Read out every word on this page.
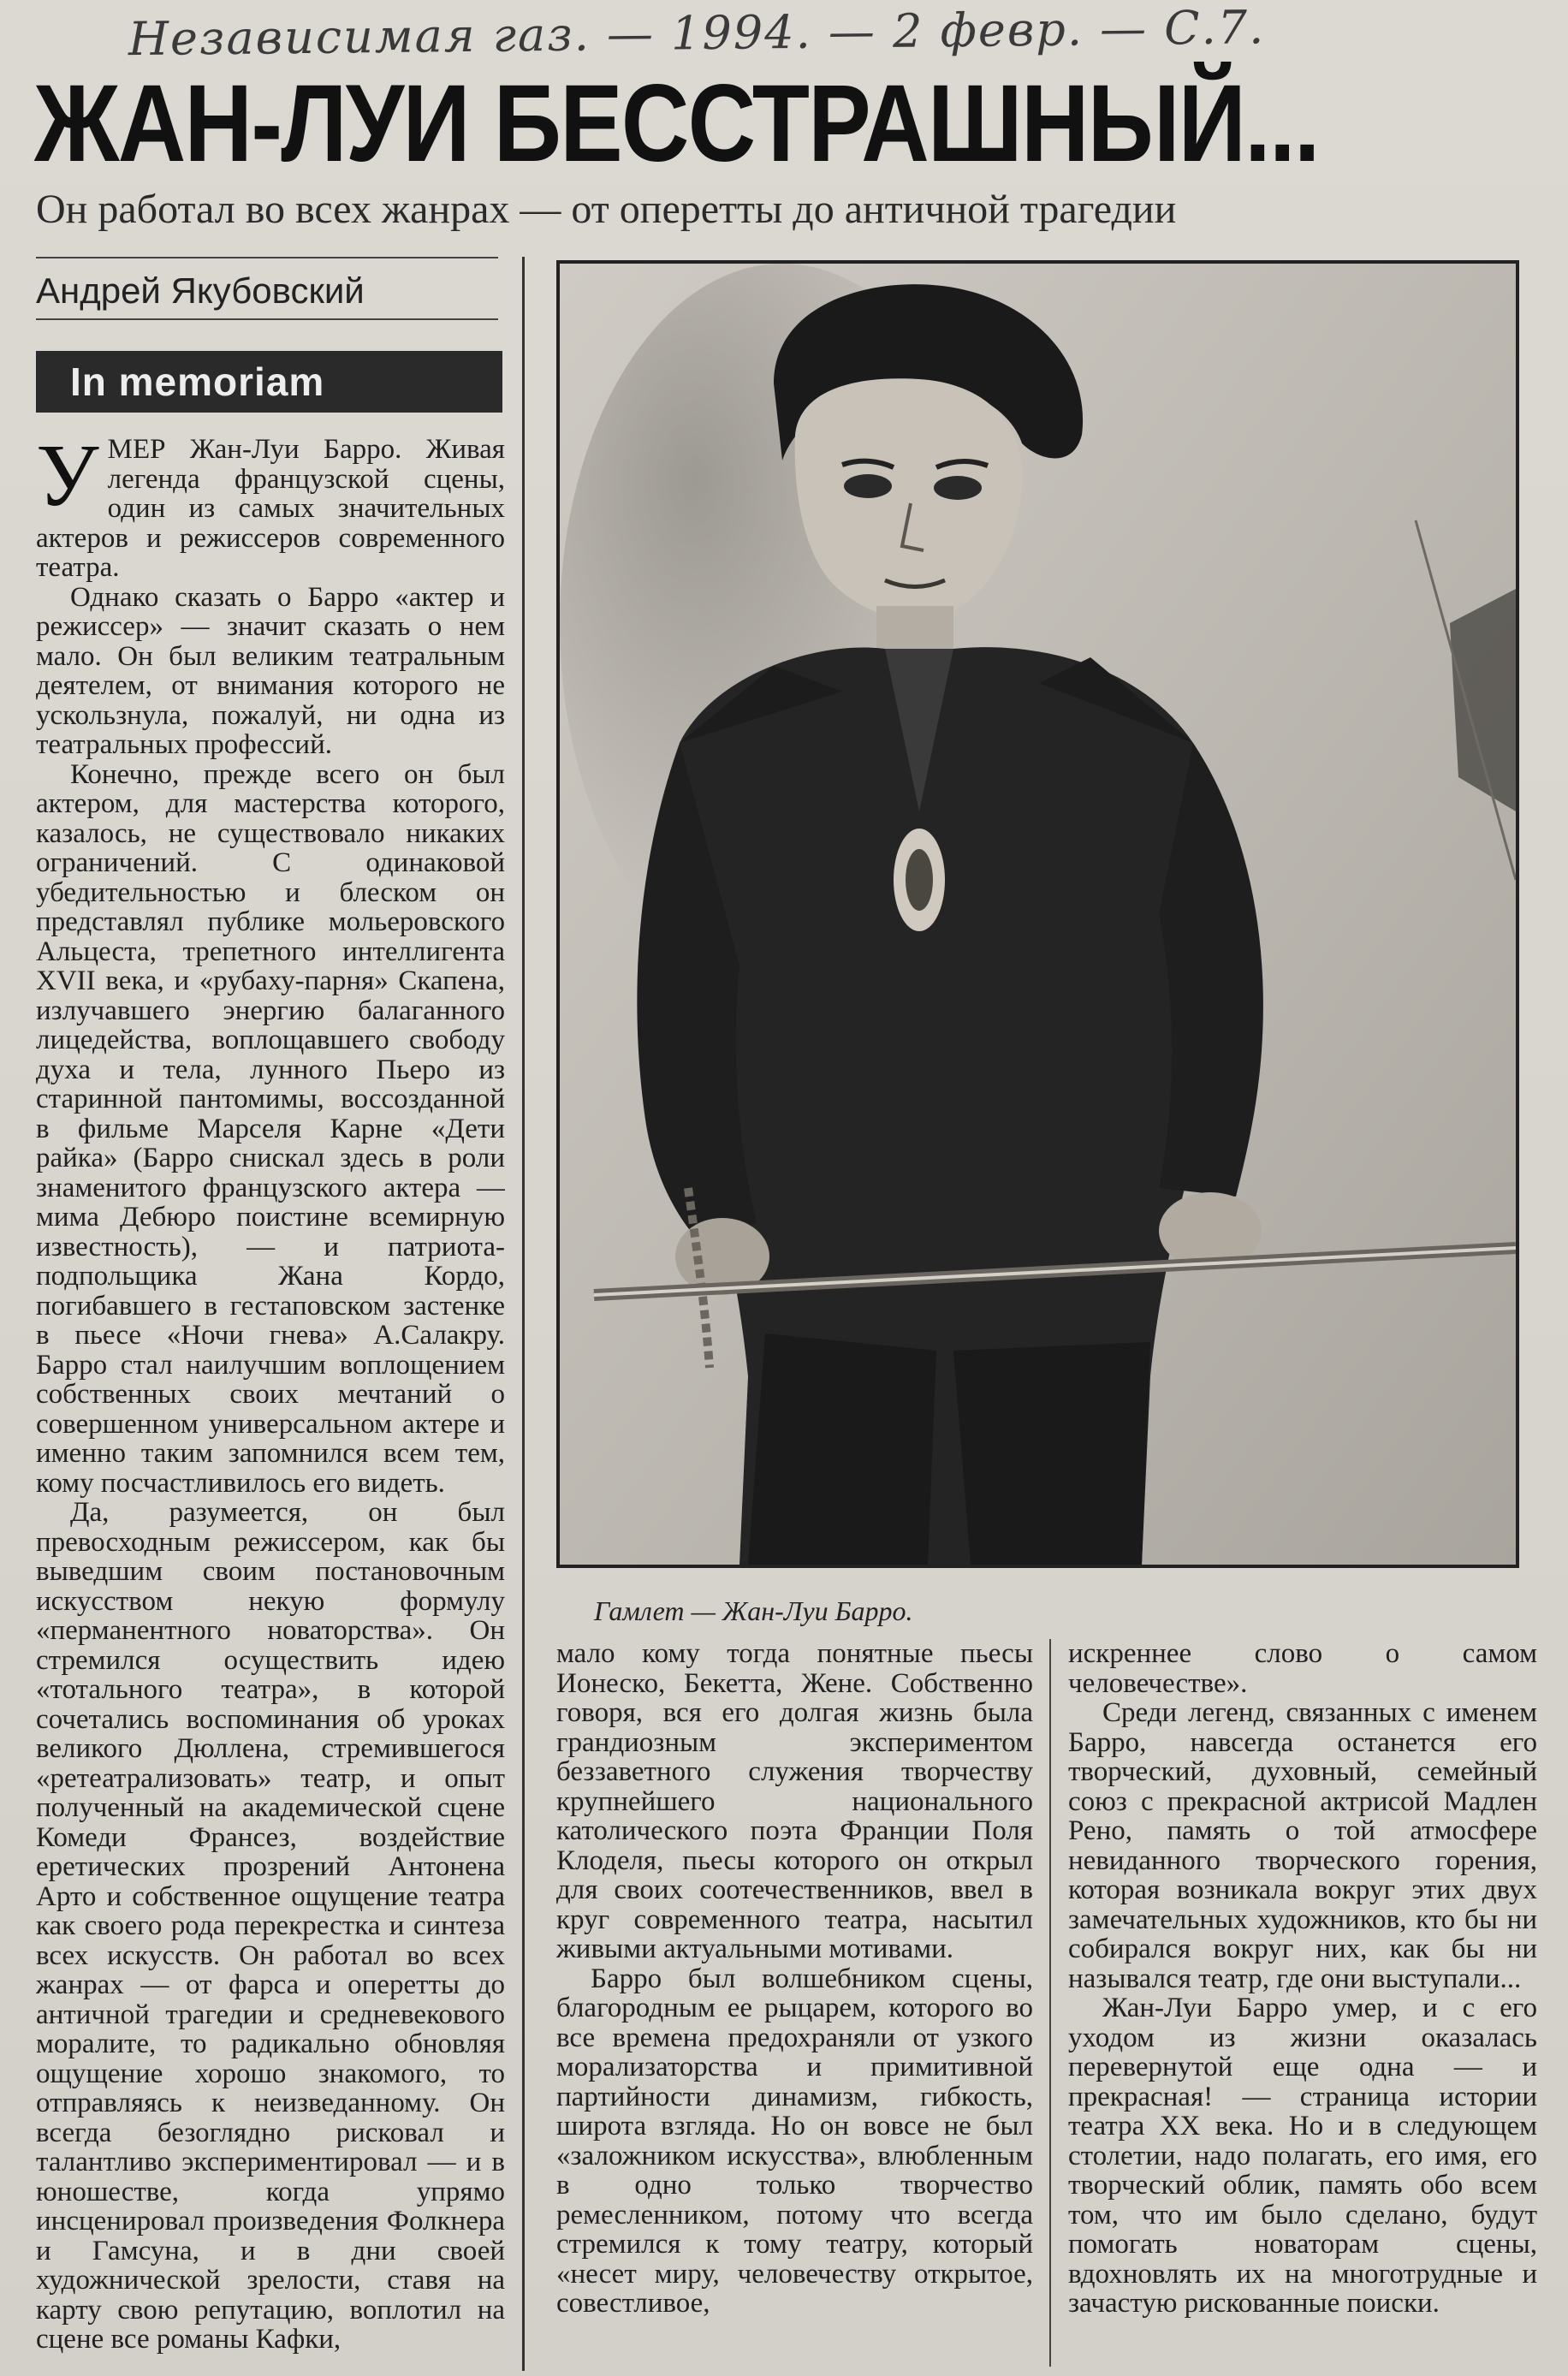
Независимая газ. — 1994. — 2 февр. — С.7.
ЖАН-ЛУИ БЕССТРАШНЫЙ...
Он работал во всех жанрах — от оперетты до античной трагедии
Андрей Якубовский
In memoriam
У МЕР Жан-Луи Барро. Живая легенда французской сцены, один из самых значительных актеров и режиссеров современного театра.

Однако сказать о Барро «актер и режиссер» — значит сказать о нем мало. Он был великим театральным деятелем, от внимания которого не ускользнула, пожалуй, ни одна из театральных профессий.

Конечно, прежде всего он был актером, для мастерства которого, казалось, не существовало никаких ограничений. С одинаковой убедительностью и блеском он представлял публике мольеровского Альцеста, трепетного интеллигента XVII века, и «рубаху-парня» Скапена, излучавшего энергию балаганного лицедейства, воплощавшего свободу духа и тела, лунного Пьеро из старинной пантомимы, воссозданной в фильме Марселя Карне «Дети райка» (Барро снискал здесь в роли знаменитого французского актера — мима Дебюро поистине всемирную известность), — и патриота-подпольщика Жана Кордо, погибавшего в гестаповском застенке в пьесе «Ночи гнева» А.Салакру. Барро стал наилучшим воплощением собственных своих мечтаний о совершенном универсальном актере и именно таким запомнился всем тем, кому посчастливилось его видеть.

Да, разумеется, он был превосходным режиссером, как бы выведшим своим постановочным искусством некую формулу «перманентного новаторства». Он стремился осуществить идею «тотального театра», в которой сочетались воспоминания об уроках великого Дюллена, стремившегося «ретеатрализовать» театр, и опыт полученный на академической сцене Комеди Франсез, воздействие еретических прозрений Антонена Арто и собственное ощущение театра как своего рода перекрестка и синтеза всех искусств. Он работал во всех жанрах — от фарса и оперетты до античной трагедии и средневекового моралите, то радикально обновляя ощущение хорошо знакомого, то отправляясь к неизведанному. Он всегда безоглядно рисковал и талантливо экспериментировал — и в юношестве, когда упрямо инсценировал произведения Фолкнера и Гамсуна, и в дни своей художнической зрелости, ставя на карту свою репутацию, воплотил на сцене все романы Кафки,

Гамлет — Жан-Луи Барро.

мало кому тогда понятные пьесы Ионеско, Бекетта, Жене. Собственно говоря, вся его долгая жизнь была грандиозным экспериментом беззаветного служения творчеству крупнейшего национального католического поэта Франции Поля Клоделя, пьесы которого он открыл для своих соотечественников, ввел в круг современного театра, насытил живыми актуальными мотивами.

Барро был волшебником сцены, благородным ее рыцарем, которого во все времена предохраняли от узкого морализаторства и примитивной партийности динамизм, гибкость, широта взгляда. Но он вовсе не был «заложником искусства», влюбленным в одно только творчество ремесленником, потому что всегда стремился к тому театру, который «несет миру, человечеству открытое, совестливое,

искреннее слово о самом человечестве».

Среди легенд, связанных с именем Барро, навсегда останется его творческий, духовный, семейный союз с прекрасной актрисой Мадлен Рено, память о той атмосфере невиданного творческого горения, которая возникала вокруг этих двух замечательных художников, кто бы ни собирался вокруг них, как бы ни назывался театр, где они выступали...

Жан-Луи Барро умер, и с его уходом из жизни оказалась перевернутой еще одна — и прекрасная! — страница истории театра XX века. Но и в следующем столетии, надо полагать, его имя, его творческий облик, память обо всем том, что им было сделано, будут помогать новаторам сцены, вдохновлять их на многотрудные и зачастую рискованные поиски.
